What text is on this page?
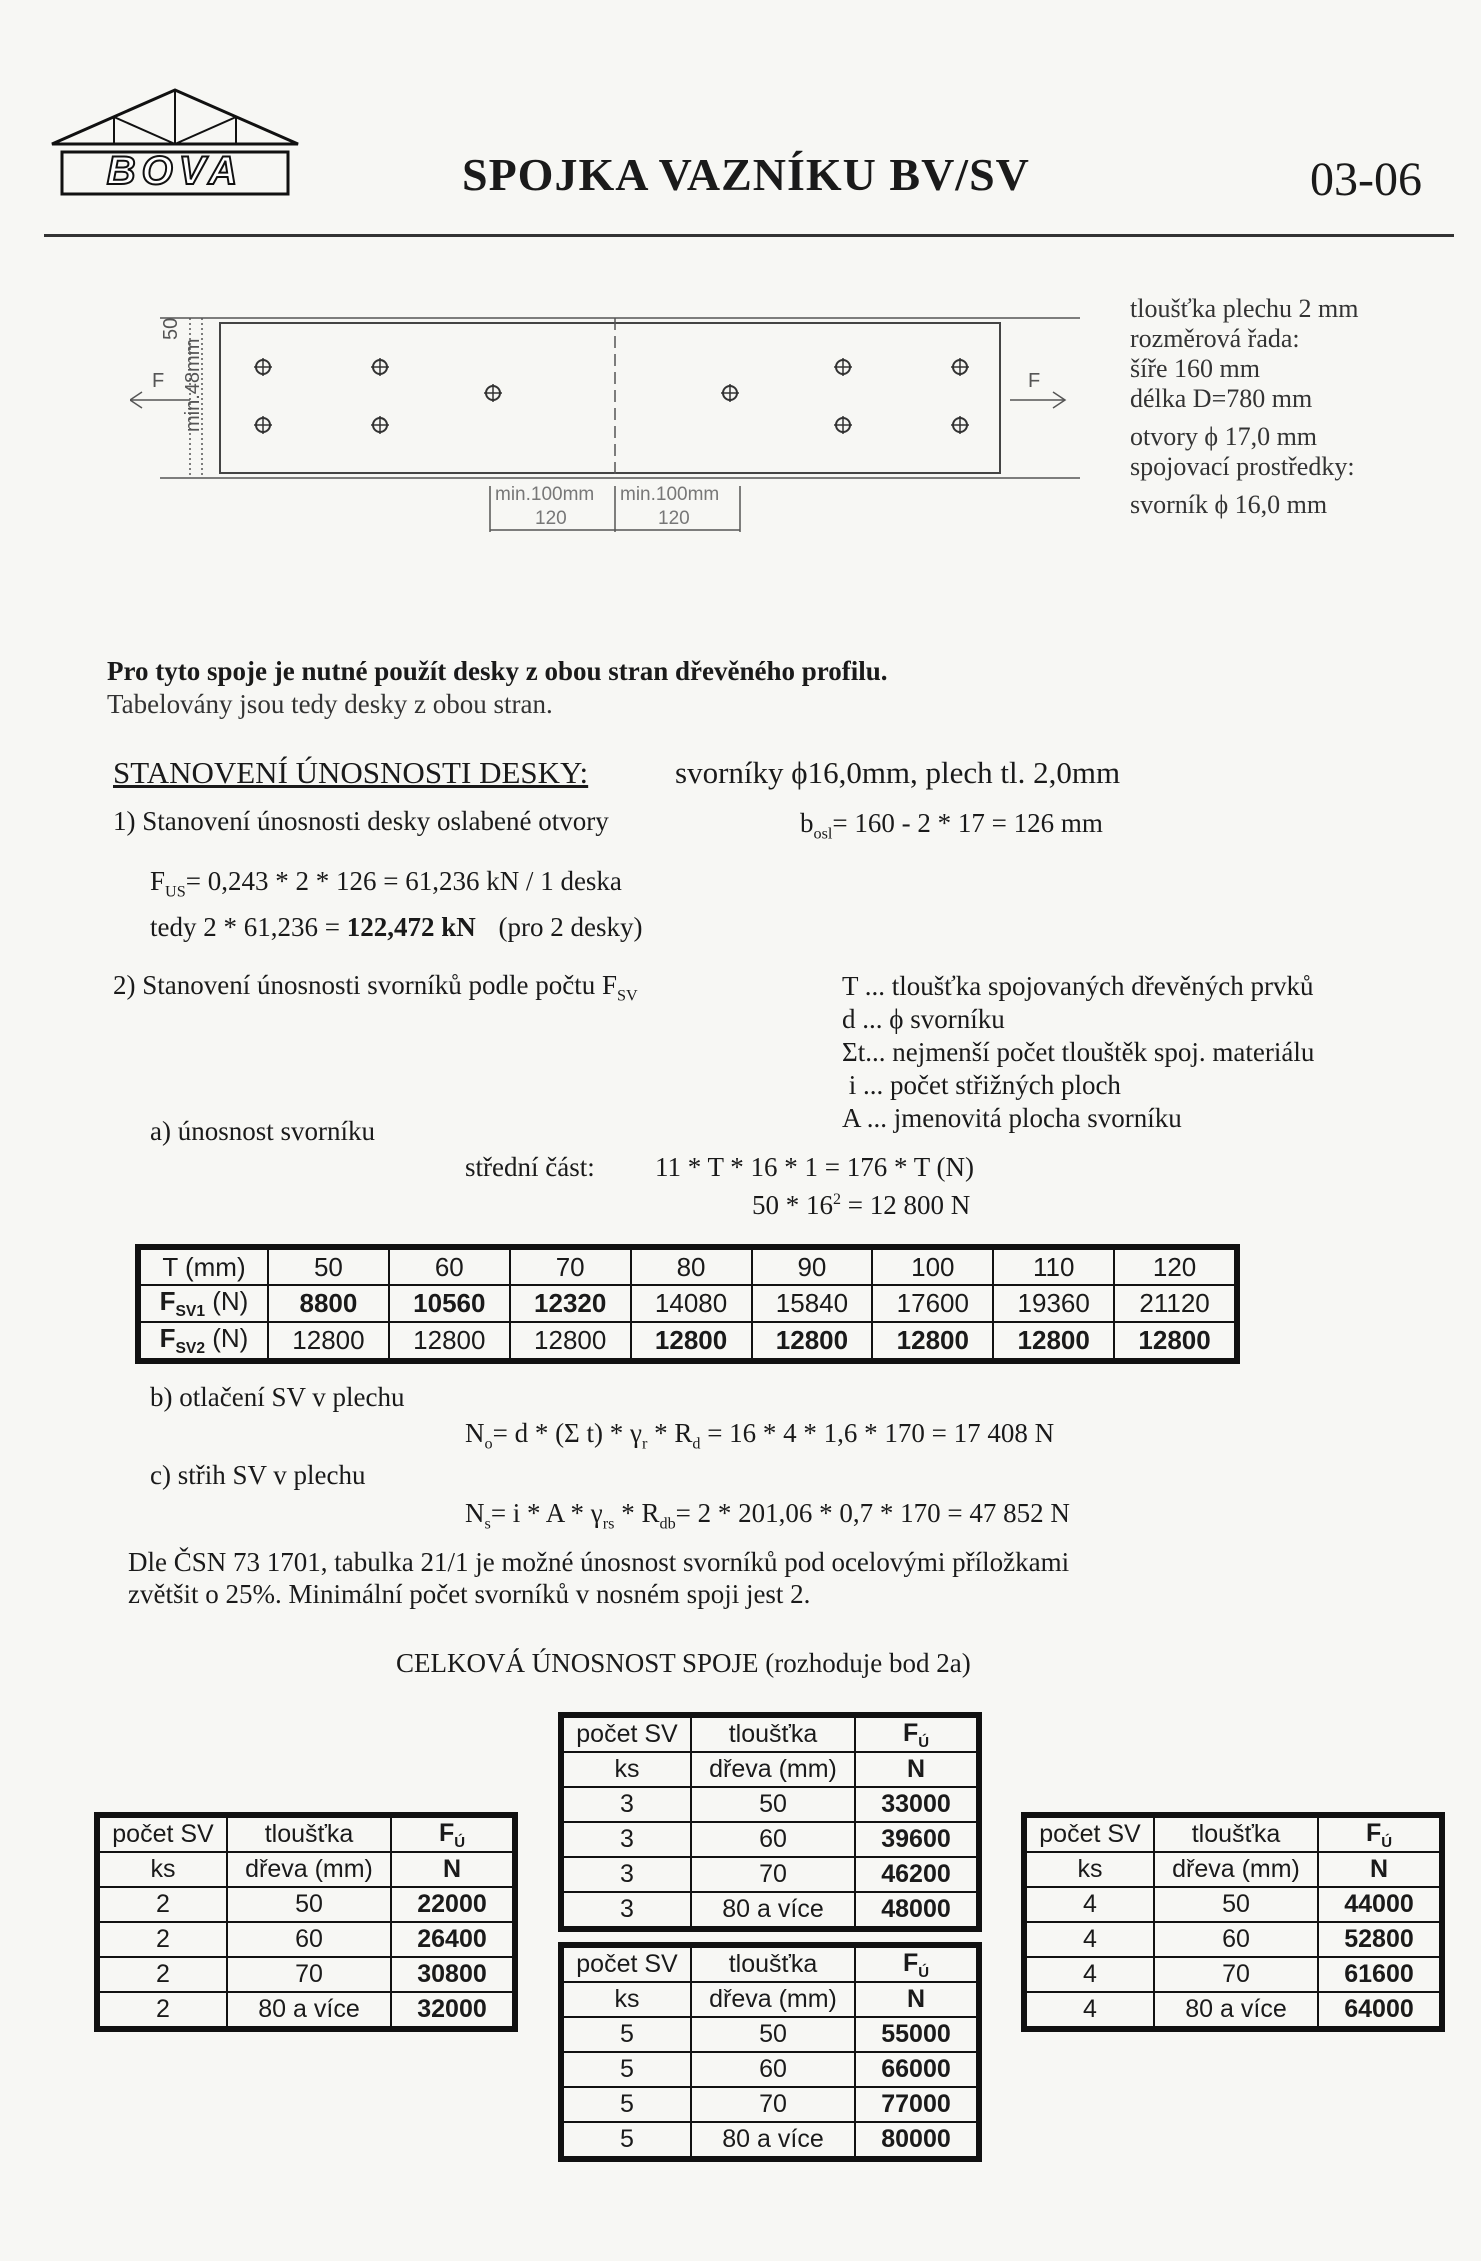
BOVA	SPOJKA VAZNÍKU BV/SV	03-06
50
min.48mm
F	F
min.100mm min.100mm
120	120
tloušťka plechu 2 mm
rozměrová řada:
šíře 160 mm
délka D=780 mm
otvory ϕ 17,0 mm
spojovací prostředky:
svorník ϕ 16,0 mm
Pro tyto spoje je nutné použít desky z obou stran dřevěného profilu.
Tabelovány jsou tedy desky z obou stran.
STANOVENÍ ÚNOSNOSTI DESKY:	svorníky ϕ16,0mm, plech tl. 2,0mm
1) Stanovení únosnosti desky oslabené otvory	$b_{osl}= 160 - 2 * 17 = 126$ mm
$F_{US}= 0,243 * 2 * 126 = 61,236$ kN / 1 deska
tedy 2 * 61,236 = 122,472 kN (pro 2 desky)
2) Stanovení únosnosti svorníků podle počtu $F_{SV}$	T ... tloušťka spojovaných dřevěných prvků
d ... ϕ svorníku
Σt... nejmenší počet tlouštěk spoj. materiálu
i ... počet střižných ploch
A ... jmenovitá plocha svorníku
a) únosnost svorníku
střední část: 11 * T * 16 * 1 = 176 * T (N)
$50 * 16^2 = 12$ 800 N
T (mm)	50	60	70	80	90	100	110	120
$F_{SV1}$ (N)	8800	10560	12320	14080	15840	17600	19360	21120
$F_{SV2}$ (N)	12800	12800	12800	12800	12800	12800	12800	12800
b) otlačení SV v plechu
$N_o= d * (\Sigma$ $t) * \gamma_r * R_d = 16 * 4 * 1,6 * 170 = 17$ 408 N
c) střih SV v plechu
$N_s= i * A * \gamma_{rs} * R_{db}= 2 * 201,06 * 0,7 * 170 = 47$ 852 N
Dle ČSN 73 1701, tabulka 21/1 je možné únosnost svorníků pod ocelovými příložkami
zvětšit o 25%. Minimální počet svorníků v nosném spoji jest 2.
CELKOVÁ ÚNOSNOST SPOJE (rozhoduje bod 2a)
počet SV	tloušťka	$F_Ú$
ks	dřeva (mm)	N
2	50	22000
2	60	26400
2	70	30800
2	80 a více	32000
počet SV	tloušťka	$F_Ú$
ks	dřeva (mm)	N
3	50	33000
3	60	39600
3	70	46200
3	80 a více	48000
počet SV	tloušťka	$F_Ú$
ks	dřeva (mm)	N
5	50	55000
5	60	66000
5	70	77000
5	80 a více	80000
počet SV	tloušťka	$F_Ú$
ks	dřeva (mm)	N
4	50	44000
4	60	52800
4	70	61600
4	80 a více	64000
